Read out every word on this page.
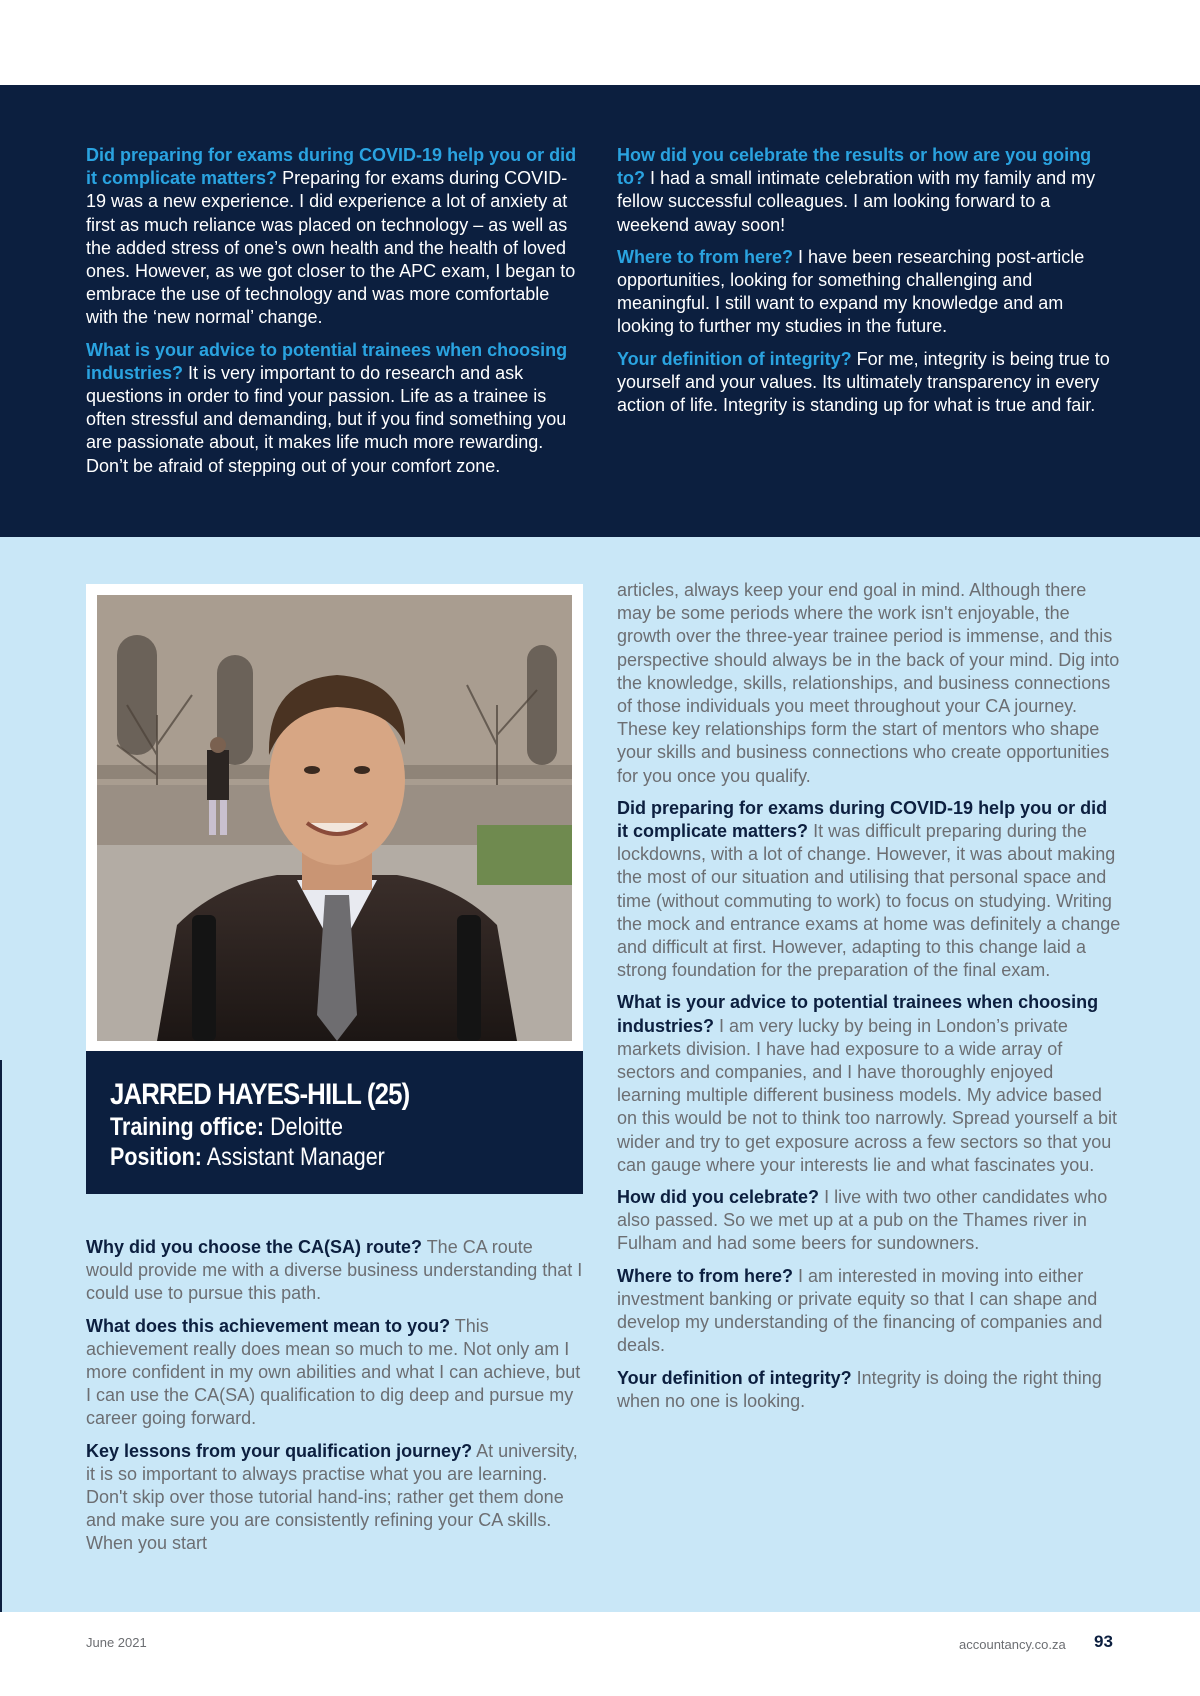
Did preparing for exams during COVID-19 help you or did it complicate matters? Preparing for exams during COVID-19 was a new experience. I did experience a lot of anxiety at first as much reliance was placed on technology – as well as the added stress of one’s own health and the health of loved ones. However, as we got closer to the APC exam, I began to embrace the use of technology and was more comfortable with the ‘new normal’ change.

What is your advice to potential trainees when choosing industries? It is very important to do research and ask questions in order to find your passion. Life as a trainee is often stressful and demanding, but if you find something you are passionate about, it makes life much more rewarding. Don’t be afraid of stepping out of your comfort zone.

How did you celebrate the results or how are you going to? I had a small intimate celebration with my family and my fellow successful colleagues. I am looking forward to a weekend away soon!

Where to from here? I have been researching post-article opportunities, looking for something challenging and meaningful. I still want to expand my knowledge and am looking to further my studies in the future.

Your definition of integrity? For me, integrity is being true to yourself and your values. Its ultimately transparency in every action of life. Integrity is standing up for what is true and fair.

JARRED HAYES-HILL (25)
Training office: Deloitte
Position: Assistant Manager

Why did you choose the CA(SA) route? The CA route would provide me with a diverse business understanding that I could use to pursue this path.

What does this achievement mean to you? This achievement really does mean so much to me. Not only am I more confident in my own abilities and what I can achieve, but I can use the CA(SA) qualification to dig deep and pursue my career going forward.

Key lessons from your qualification journey? At university, it is so important to always practise what you are learning. Don't skip over those tutorial hand-ins; rather get them done and make sure you are consistently refining your CA skills. When you start

articles, always keep your end goal in mind. Although there may be some periods where the work isn't enjoyable, the growth over the three-year trainee period is immense, and this perspective should always be in the back of your mind. Dig into the knowledge, skills, relationships, and business connections of those individuals you meet throughout your CA journey. These key relationships form the start of mentors who shape your skills and business connections who create opportunities for you once you qualify.

Did preparing for exams during COVID-19 help you or did it complicate matters? It was difficult preparing during the lockdowns, with a lot of change. However, it was about making the most of our situation and utilising that personal space and time (without commuting to work) to focus on studying. Writing the mock and entrance exams at home was definitely a change and difficult at first. However, adapting to this change laid a strong foundation for the preparation of the final exam.

What is your advice to potential trainees when choosing industries? I am very lucky by being in London’s private markets division. I have had exposure to a wide array of sectors and companies, and I have thoroughly enjoyed learning multiple different business models. My advice based on this would be not to think too narrowly. Spread yourself a bit wider and try to get exposure across a few sectors so that you can gauge where your interests lie and what fascinates you.

How did you celebrate? I live with two other candidates who also passed. So we met up at a pub on the Thames river in Fulham and had some beers for sundowners.

Where to from here? I am interested in moving into either investment banking or private equity so that I can shape and develop my understanding of the financing of companies and deals.

Your definition of integrity? Integrity is doing the right thing when no one is looking.

June 2021	accountancy.co.za 93
